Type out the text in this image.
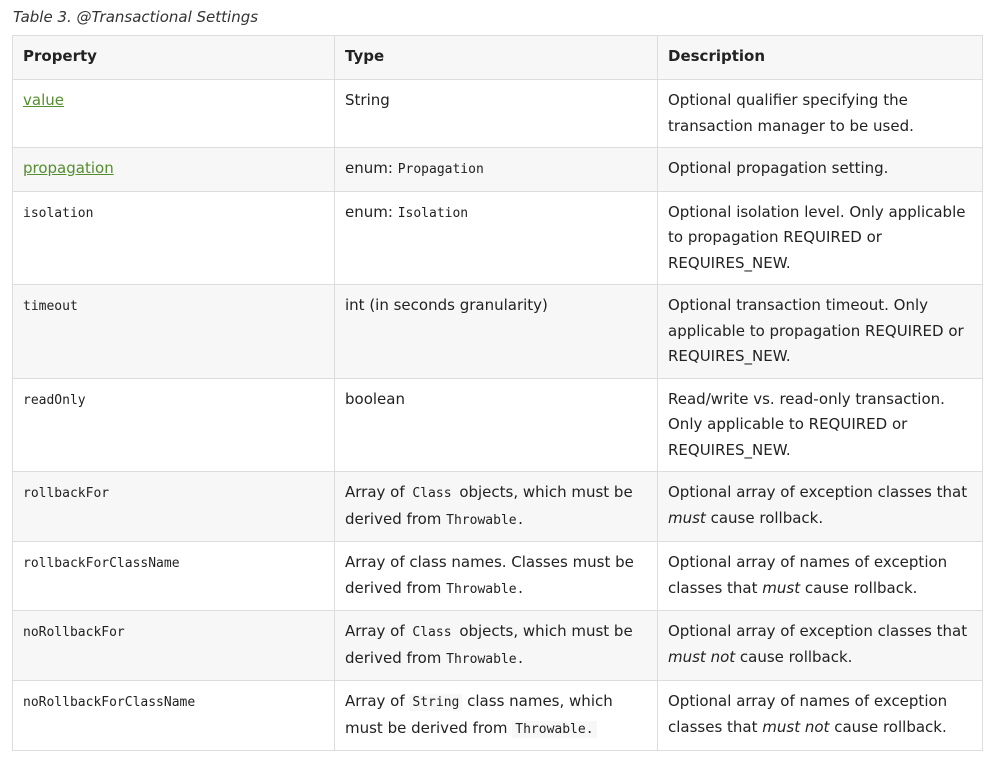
Table 3. @Transactional Settings
Property	Type	Description
value	String	Optional qualifier specifying the transaction manager to be used.
propagation	enum: Propagation	Optional propagation setting.
isolation	enum: Isolation	Optional isolation level. Only applicable to propagation REQUIRED or REQUIRES_NEW.
timeout	int (in seconds granularity)	Optional transaction timeout. Only applicable to propagation REQUIRED or REQUIRES_NEW.
readOnly	boolean	Read/write vs. read-only transaction. Only applicable to REQUIRED or REQUIRES_NEW.
rollbackFor	Array of Class objects, which must be derived from Throwable.	Optional array of exception classes that must cause rollback.
rollbackForClassName	Array of class names. Classes must be derived from Throwable.	Optional array of names of exception classes that must cause rollback.
noRollbackFor	Array of Class objects, which must be derived from Throwable.	Optional array of exception classes that must not cause rollback.
noRollbackForClassName	Array of String class names, which must be derived from Throwable.	Optional array of names of exception classes that must not cause rollback.
